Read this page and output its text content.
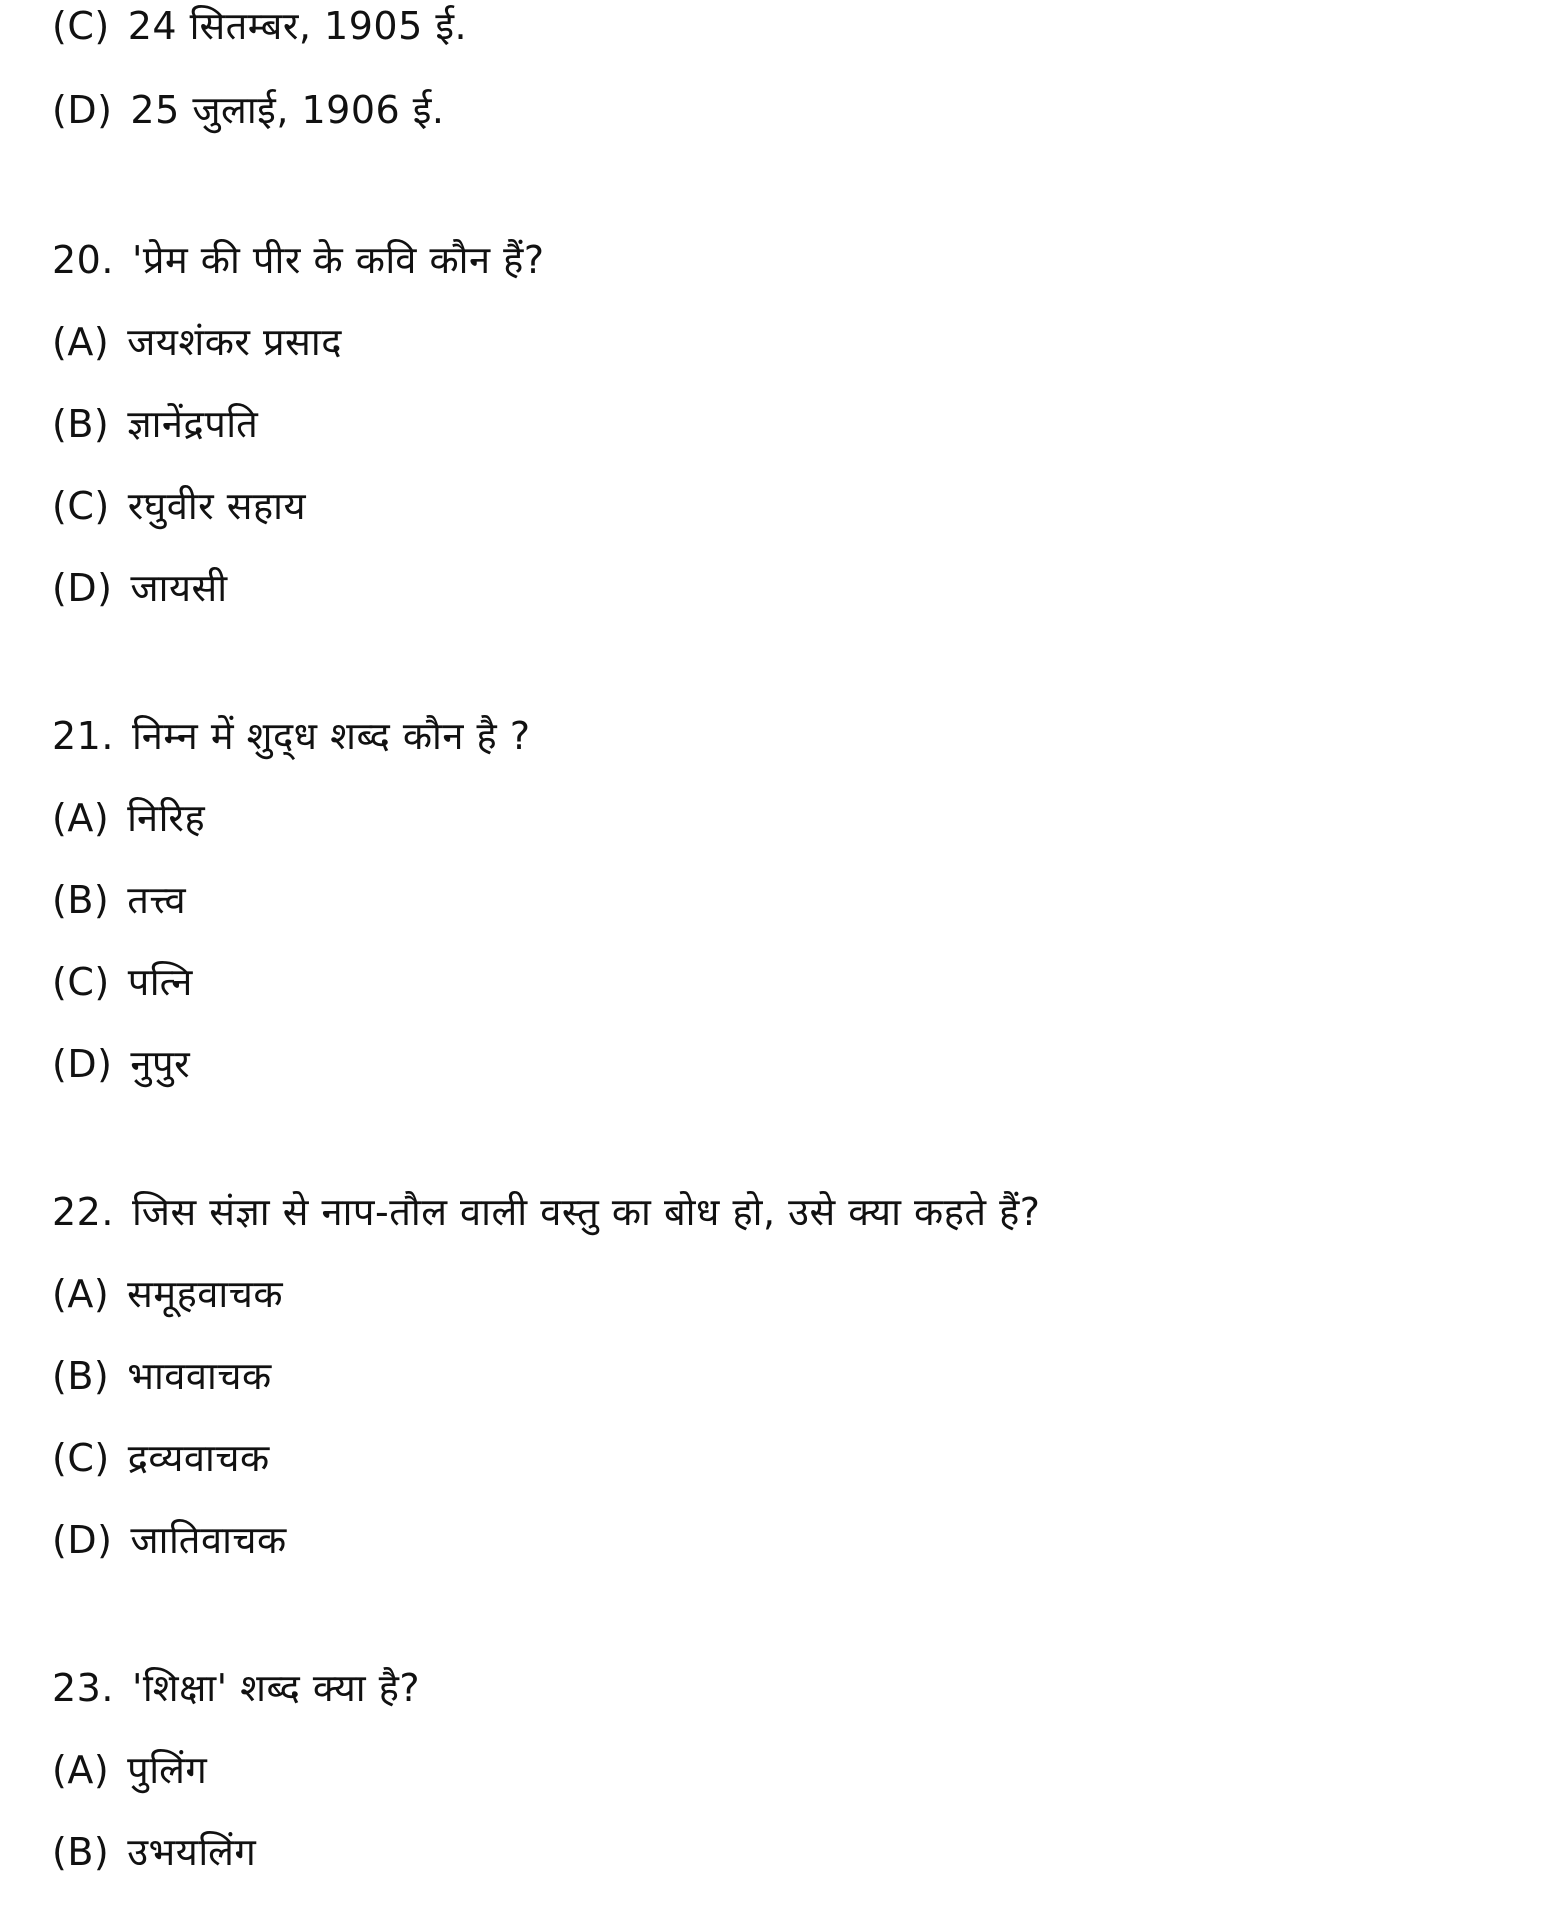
(C) 24 सितम्बर, 1905 ई.
(D) 25 जुलाई, 1906 ई.
20. 'प्रेम की पीर के कवि कौन हैं?
(A) जयशंकर प्रसाद
(B) ज्ञानेंद्रपति
(C) रघुवीर सहाय
(D) जायसी
21. निम्न में शुद्‌ध शब्द कौन है ?
(A) निरिह
(B) तत्त्व
(C) पत्नि
(D) नुपुर
22. जिस संज्ञा से नाप-तौल वाली वस्तु का बोध हो, उसे क्या कहते हैं?
(A) समूहवाचक
(B) भाववाचक
(C) द्रव्यवाचक
(D) जातिवाचक
23. 'शिक्षा' शब्द क्या है?
(A) पुलिंग
(B) उभयलिंग
